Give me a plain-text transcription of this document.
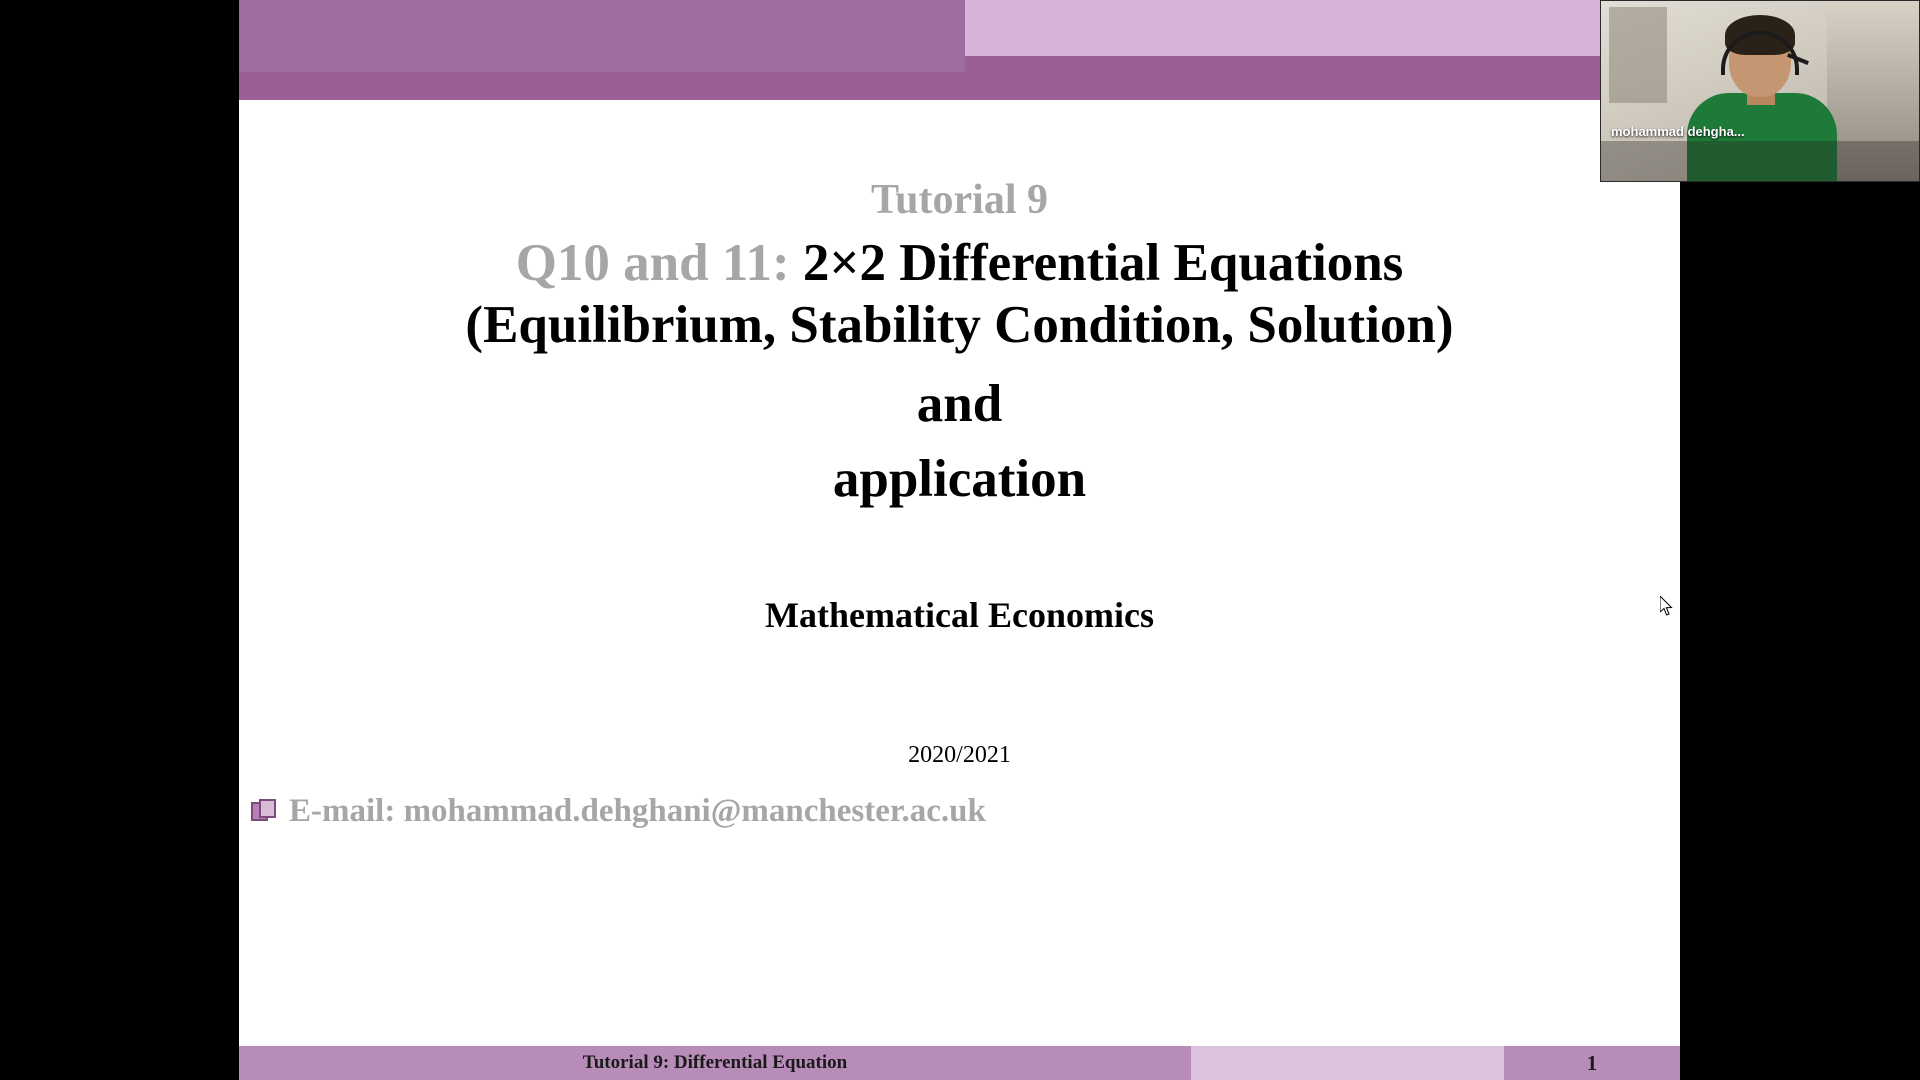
Tutorial 9
Q10 and 11: 2×2 Differential Equations
(Equilibrium, Stability Condition, Solution)
and
application
Mathematical Economics
2020/2021
E-mail: mohammad.dehghani@manchester.ac.uk
Tutorial 9: Differential Equation	1
mohammad dehgha...
